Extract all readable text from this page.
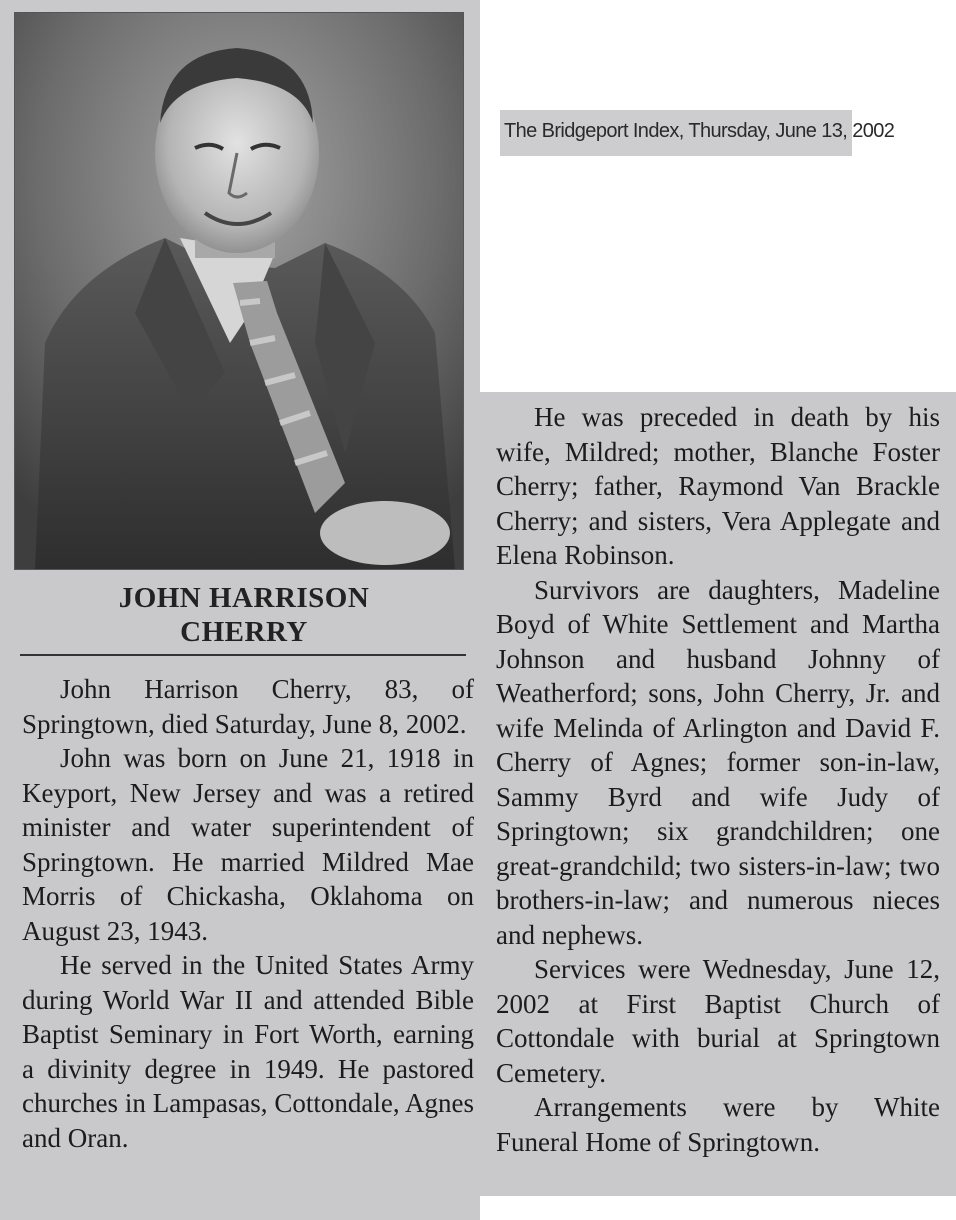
JOHN HARRISON
CHERRY

John Harrison Cherry, 83, of Springtown, died Saturday, June 8, 2002.

John was born on June 21, 1918 in Keyport, New Jersey and was a retired minister and water superintendent of Springtown. He married Mildred Mae Morris of Chickasha, Oklahoma on August 23, 1943.

He served in the United States Army during World War II and attended Bible Baptist Seminary in Fort Worth, earning a divinity degree in 1949. He pastored churches in Lampasas, Cottondale, Agnes and Oran.

The Bridgeport Index, Thursday, June 13, 2002

He was preceded in death by his wife, Mildred; mother, Blanche Foster Cherry; father, Raymond Van Brackle Cherry; and sisters, Vera Applegate and Elena Robinson.

Survivors are daughters, Madeline Boyd of White Settlement and Martha Johnson and husband Johnny of Weatherford; sons, John Cherry, Jr. and wife Melinda of Arlington and David F. Cherry of Agnes; former son-in-law, Sammy Byrd and wife Judy of Springtown; six grandchildren; one great-grandchild; two sisters-in-law; two brothers-in-law; and numerous nieces and nephews.

Services were Wednesday, June 12, 2002 at First Baptist Church of Cottondale with burial at Springtown Cemetery.

Arrangements were by White Funeral Home of Springtown.
